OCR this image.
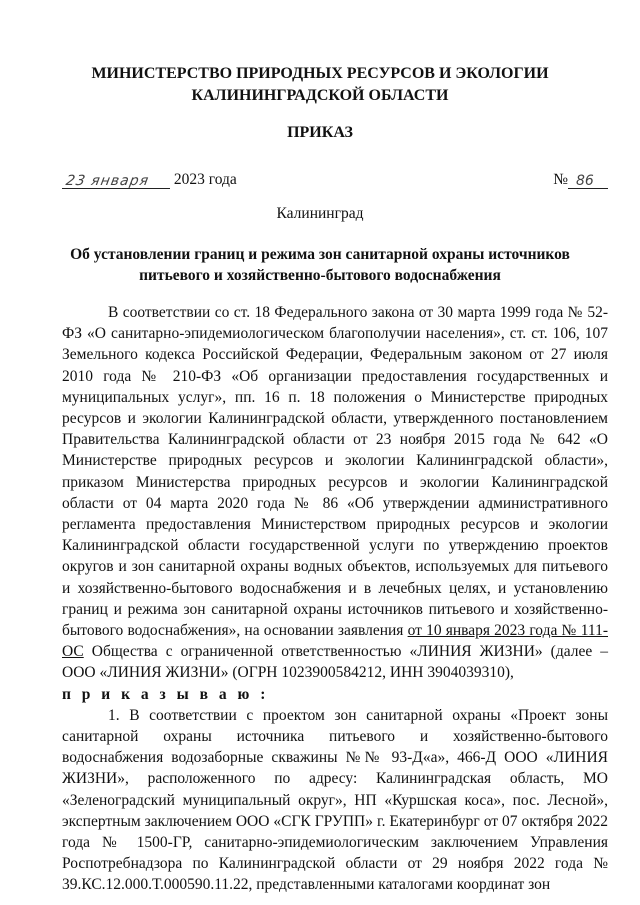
МИНИСТЕРСТВО ПРИРОДНЫХ РЕСУРСОВ И ЭКОЛОГИИ
КАЛИНИНГРАДСКОЙ ОБЛАСТИ
ПРИКАЗ
23 января 2023 года	№ 86
Калининград
Об установлении границ и режима зон санитарной охраны источников
питьевого и хозяйственно-бытового водоснабжения

В соответствии со ст. 18 Федерального закона от 30 марта 1999 года № 52-ФЗ «О санитарно-эпидемиологическом благополучии населения», ст. ст. 106, 107 Земельного кодекса Российской Федерации, Федеральным законом от 27 июля 2010 года № 210-ФЗ «Об организации предоставления государственных и муниципальных услуг», пп. 16 п. 18 положения о Министерстве природных ресурсов и экологии Калининградской области, утвержденного постановлением Правительства Калининградской области от 23 ноября 2015 года № 642 «О Министерстве природных ресурсов и экологии Калининградской области», приказом Министерства природных ресурсов и экологии Калининградской области от 04 марта 2020 года № 86 «Об утверждении административного регламента предоставления Министерством природных ресурсов и экологии Калининградской области государственной услуги по утверждению проектов округов и зон санитарной охраны водных объектов, используемых для питьевого и хозяйственно-бытового водоснабжения и в лечебных целях, и установлению границ и режима зон санитарной охраны источников питьевого и хозяйственно-бытового водоснабжения», на основании заявления от 10 января 2023 года № 111-ОС Общества с ограниченной ответственностью «ЛИНИЯ ЖИЗНИ» (далее – ООО «ЛИНИЯ ЖИЗНИ» (ОГРН 1023900584212, ИНН 3904039310),

п р и к а з ы в а ю :

1. В соответствии с проектом зон санитарной охраны «Проект зоны санитарной охраны источника питьевого и хозяйственно-бытового водоснабжения водозаборные скважины №№ 93-Д«а», 466-Д ООО «ЛИНИЯ ЖИЗНИ», расположенного по адресу: Калининградская область, МО «Зеленоградский муниципальный округ», НП «Куршская коса», пос. Лесной», экспертным заключением ООО «СГК ГРУПП» г. Екатеринбург от 07 октября 2022 года № 1500-ГР, санитарно-эпидемиологическим заключением Управления Роспотребнадзора по Калининградской области от 29 ноября 2022 года № 39.КС.12.000.Т.000590.11.22, представленными каталогами координат зон
